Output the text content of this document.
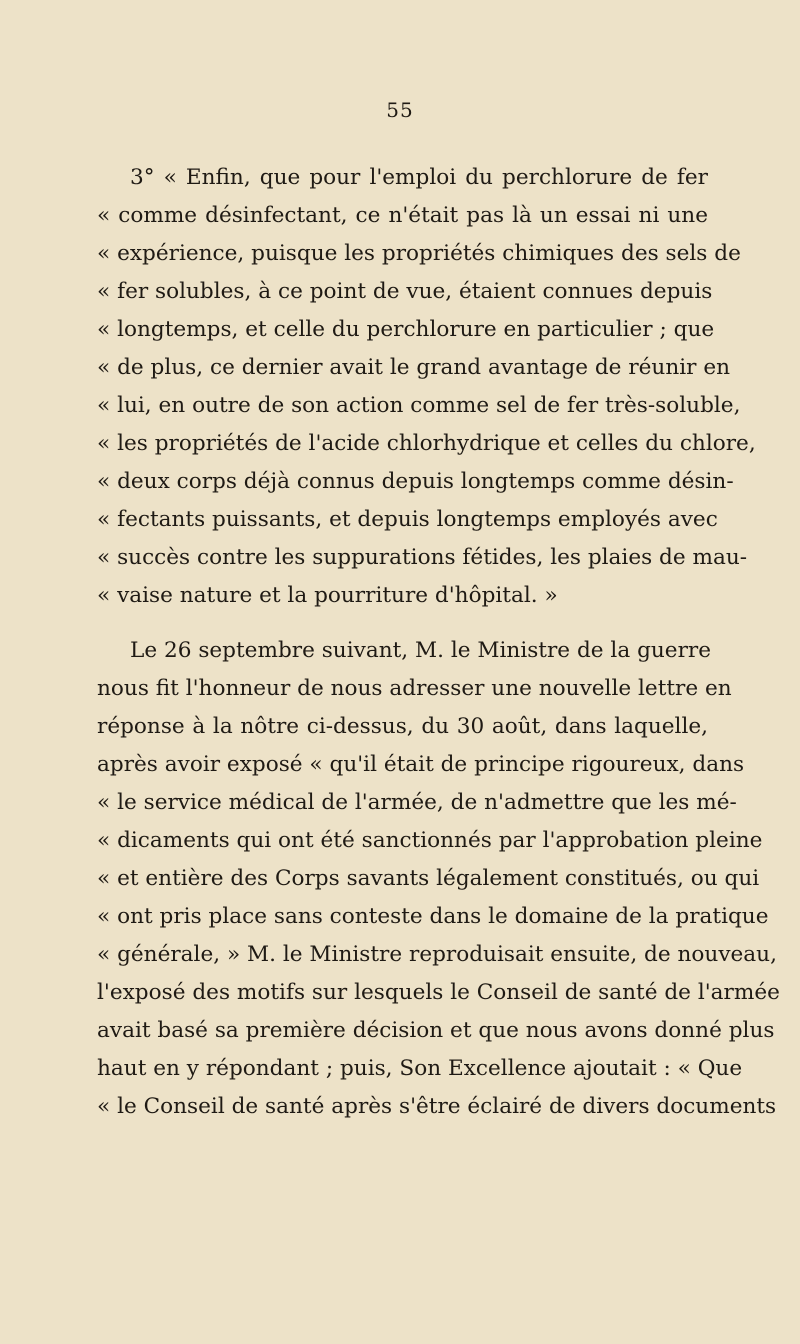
55
3° « Enfin, que pour l'emploi du perchlorure de fer
« comme désinfectant, ce n'était pas là un essai ni une
« expérience, puisque les propriétés chimiques des sels de
« fer solubles, à ce point de vue, étaient connues depuis
« longtemps, et celle du perchlorure en particulier ; que
« de plus, ce dernier avait le grand avantage de réunir en
« lui, en outre de son action comme sel de fer très-soluble,
« les propriétés de l'acide chlorhydrique et celles du chlore,
« deux corps déjà connus depuis longtemps comme désin-
« fectants puissants, et depuis longtemps employés avec
« succès contre les suppurations fétides, les plaies de mau-
« vaise nature et la pourriture d'hôpital. »
Le 26 septembre suivant, M. le Ministre de la guerre
nous fit l'honneur de nous adresser une nouvelle lettre en
réponse à la nôtre ci-dessus, du 30 août, dans laquelle,
après avoir exposé « qu'il était de principe rigoureux, dans
« le service médical de l'armée, de n'admettre que les mé-
« dicaments qui ont été sanctionnés par l'approbation pleine
« et entière des Corps savants légalement constitués, ou qui
« ont pris place sans conteste dans le domaine de la pratique
« générale, » M. le Ministre reproduisait ensuite, de nouveau,
l'exposé des motifs sur lesquels le Conseil de santé de l'armée
avait basé sa première décision et que nous avons donné plus
haut en y répondant ; puis, Son Excellence ajoutait : « Que
« le Conseil de santé après s'être éclairé de divers documents
